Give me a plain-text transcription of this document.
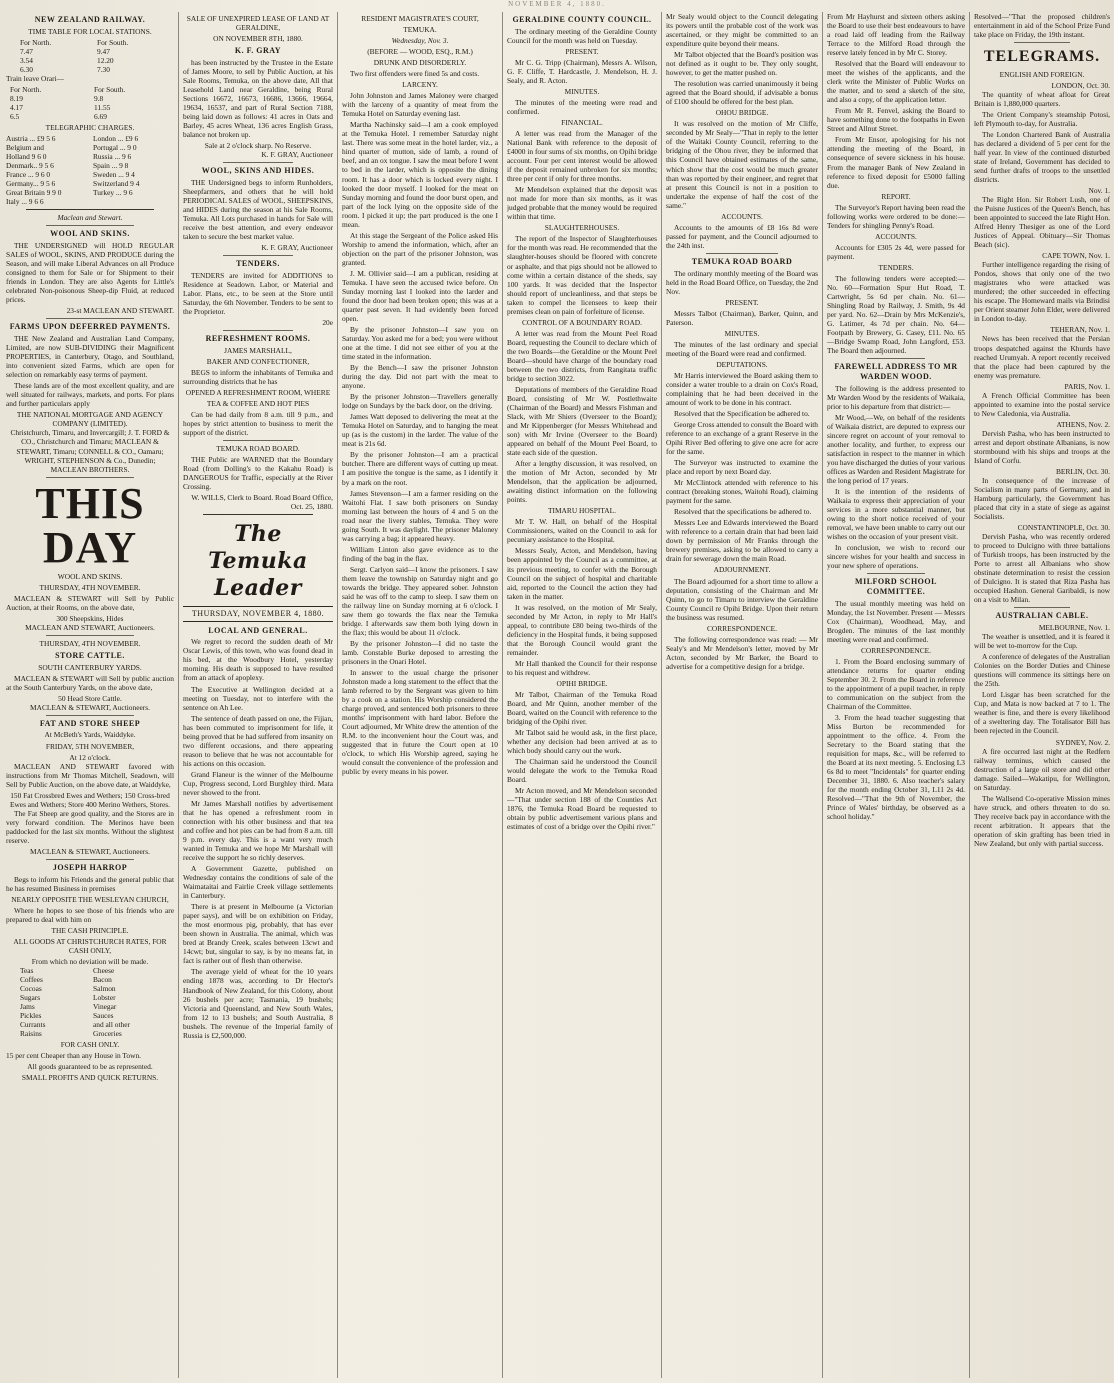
NOVEMBER 4, 1880.
NEW ZEALAND RAILWAY.
TIME TABLE FOR LOCAL STATIONS.
For North.
7.47
3.54
6.30
For South.
9.47
12.20
7.30

Train leave Orari—

For North.
8.19
4.17
6.5
For South.
9.8
11.55
6.69
TELEGRAPHIC CHARGES.
Austria ... £9 5 6
Belgium and
Holland 9 6 0
Denmark.. 9 5 6
France ... 9 6 0
Germany... 9 5 6
Great Britain 9 9 0
Italy ... 9 6 6
London ... £9 6
Portugal ... 9 0
Russia ... 9 6
Spain ... 9 8
Sweden ... 9 4
Switzerland 9 4
Turkey ... 9 6

Maclean and Stewart.
WOOL AND SKINS.

THE UNDERSIGNED will HOLD REGULAR SALES of WOOL, SKINS, AND PRODUCE during the Season, and will make Liberal Advances on all Produce consigned to them for Sale or for Shipment to their friends in London. They are also Agents for Little's celebrated Non-poisonous Sheep-dip Fluid, at reduced prices.

23-st MACLEAN AND STEWART.
FARMS UPON DEFERRED PAYMENTS.

THE New Zealand and Australian Land Company, Limited, are now SUB-DIVIDING their Magnificent PROPERTIES, in Canterbury, Otago, and Southland, into convenient sized Farms, which are open for selection on remarkably easy terms of payment.

These lands are of the most excellent quality, and are well situated for railways, markets, and ports. For plans and further particulars apply

THE NATIONAL MORTGAGE AND AGENCY COMPANY (LIMITED).
Christchurch, Timaru, and Invercargill; J. T. FORD & CO., Christchurch and Timaru; MACLEAN & STEWART, Timaru; CONNELL & CO., Oamaru; WRIGHT, STEPHENSON & Co., Dunedin; MACLEAN BROTHERS.
THIS DAY
WOOL AND SKINS.
THURSDAY, 4TH NOVEMBER.

MACLEAN & STEWART will Sell by Public Auction, at their Rooms, on the above date,

300 Sheepskins, Hides
MACLEAN AND STEWART, Auctioneers.
THURSDAY, 4TH NOVEMBER.
STORE CATTLE.
SOUTH CANTERBURY YARDS.

MACLEAN & STEWART will Sell by public auction at the South Canterbury Yards, on the above date,

50 Head Store Cattle.
MACLEAN & STEWART, Auctioneers.
FAT AND STORE SHEEP
At McBeth's Yards, Waiddyke.
FRIDAY, 5TH NOVEMBER,
At 12 o'clock.

MACLEAN AND STEWART favored with instructions from Mr Thomas Mitchell, Seadown, will Sell by Public Auction, on the above date, at Waiddyke,

150 Fat Crossbred Ewes and Wethers; 150 Cross-bred Ewes and Wethers; Store 400 Merino Wethers, Stores.

The Fat Sheep are good quality, and the Stores are in very forward condition. The Merinos have been paddocked for the last six months. Without the slightest reserve.

MACLEAN & STEWART, Auctioneers.
JOSEPH HARROP

Begs to inform his Friends and the general public that he has resumed Business in premises

NEARLY OPPOSITE THE WESLEYAN CHURCH,

Where he hopes to see those of his friends who are prepared to deal with him on

THE CASH PRINCIPLE.
ALL GOODS AT CHRISTCHURCH RATES, FOR CASH ONLY,
From which no deviation will be made.
Teas
Coffees
Cocoas
Sugars
Jams
Pickles
Currants
Raisins
Cheese
Bacon
Salmon
Lobster
Vinegar
Sauces
and all other
Groceries
FOR CASH ONLY.

15 per cent Cheaper than any House in Town.

All goods guaranteed to be as represented.
SMALL PROFITS AND QUICK RETURNS.
SALE OF UNEXPIRED LEASE OF LAND AT GERALDINE,
ON NOVEMBER 8TH, 1880.
K. F. GRAY

has been instructed by the Trustee in the Estate of James Moore, to sell by Public Auction, at his Sale Rooms, Temuka, on the above date, All that Leasehold Land near Geraldine, being Rural Sections 16672, 16673, 16686, 13666, 19664, 19634, 16537, and part of Rural Section 7188, being laid down as follows: 41 acres in Oats and Barley, 45 acres Wheat, 136 acres English Grass, balance not broken up.

Sale at 2 o'clock sharp. No Reserve.
K. F. GRAY, Auctioneer
WOOL, SKINS AND HIDES.

THE Undersigned begs to inform Runholders, Sheepfarmers, and others that he will hold PERIODICAL SALES of WOOL, SHEEPSKINS, and HIDES during the season at his Sale Rooms, Temuka. All Lots purchased in hands for Sale will receive the best attention, and every endeavor taken to secure the best market value.

K. F. GRAY, Auctioneer
TENDERS.

TENDERS are invited for ADDITIONS to Residence at Seadown. Labor, or Material and Labor. Plans, etc., to be seen at the Store until Saturday, the 6th November. Tenders to be sent to the Proprietor.

20e
REFRESHMENT ROOMS.
JAMES MARSHALL,
BAKER AND CONFECTIONER,

BEGS to inform the inhabitants of Temuka and surrounding districts that he has

OPENED A REFRESHMENT ROOM, WHERE
TEA & COFFEE AND HOT PIES

Can be had daily from 8 a.m. till 9 p.m., and hopes by strict attention to business to merit the support of the district.

TEMUKA ROAD BOARD.

THE Public are WARNED that the Boundary Road (from Dolling's to the Kakahu Road) is DANGEROUS for Traffic, especially at the River Crossing.

W. WILLS, Clerk to Board. Road Board Office, Oct. 25, 1880.
The Temuka Leader
THURSDAY, NOVEMBER 4, 1880.
LOCAL AND GENERAL.

We regret to record the sudden death of Mr Oscar Lewis, of this town, who was found dead in his bed, at the Woodbury Hotel, yesterday morning. His death is supposed to have resulted from an attack of apoplexy.

The Executive at Wellington decided at a meeting on Tuesday, not to interfere with the sentence on Ah Lee.

The sentence of death passed on one, the Fijian, has been commuted to imprisonment for life, it being proved that he had suffered from insanity on two different occasions, and there appearing reason to believe that he was not accountable for his actions on this occasion.

Grand Flaneur is the winner of the Melbourne Cup, Progress second, Lord Burghley third. Mata never showed to the front.

Mr James Marshall notifies by advertisement that he has opened a refreshment room in connection with his other business and that tea and coffee and hot pies can be had from 8 a.m. till 9 p.m. every day. This is a want very much wanted in Temuka and we hope Mr Marshall will receive the support he so richly deserves.

A Government Gazette, published on Wednesday contains the conditions of sale of the Waimataitai and Fairlie Creek village settlements in Canterbury.

There is at present in Melbourne (a Victorian paper says), and will be on exhibition on Friday, the most enormous pig, probably, that has ever been shown in Australia. The animal, which was bred at Brandy Creek, scales between 13cwt and 14cwt; but, singular to say, is by no means fat, in fact is rather out of flesh than otherwise.

The average yield of wheat for the 10 years ending 1878 was, according to Dr Hector's Handbook of New Zealand, for this Colony, about 26 bushels per acre; Tasmania, 19 bushels; Victoria and Queensland, and New South Wales, from 12 to 13 bushels; and South Australia, 8 bushels. The revenue of the Imperial family of Russia is £2,500,000.

RESIDENT MAGISTRATE'S COURT,
TEMUKA.
Wednesday, Nov. 3.
(BEFORE — WOOD, ESQ., R.M.)
DRUNK AND DISORDERLY.

Two first offenders were fined 5s and costs.

LARCENY.

John Johnston and James Maloney were charged with the larceny of a quantity of meat from the Temuka Hotel on Saturday evening last.

Martha Nachinsky said—I am a cook employed at the Temuka Hotel. I remember Saturday night last. There was some meat in the hotel larder, viz., a hind quarter of mutton, side of lamb, a round of beef, and an ox tongue. I saw the meat before I went to bed in the larder, which is opposite the dining room. It has a door which is locked every night. I looked the door myself. I looked for the meat on Sunday morning and found the door burst open, and part of the lock lying on the opposite side of the room. I picked it up; the part produced is the one I mean.

At this stage the Sergeant of the Police asked His Worship to amend the information, which, after an objection on the part of the prisoner Johnston, was granted.

J. M. Ollivier said—I am a publican, residing at Temuka. I have seen the accused twice before. On Sunday morning last I looked into the larder and found the door had been broken open; this was at a quarter past seven. It had evidently been forced open.

By the prisoner Johnston—I saw you on Saturday. You asked me for a bed; you were without one at the time. I did not see either of you at the time stated in the information.

By the Bench—I saw the prisoner Johnston during the day. Did not part with the meat to anyone.

By the prisoner Johnston—Travellers generally lodge on Sundays by the back door, on the driving.

James Watt deposed to delivering the meat at the Temuka Hotel on Saturday, and to hanging the meat up (as is the custom) in the larder. The value of the meat is 21s 6d.

By the prisoner Johnston—I am a practical butcher. There are different ways of cutting up meat. I am positive the tongue is the same, as I identify it by a mark on the root.

James Stevenson—I am a farmer residing on the Waitohi Flat. I saw both prisoners on Sunday morning last between the hours of 4 and 5 on the road near the livery stables, Temuka. They were going South. It was daylight. The prisoner Maloney was carrying a bag; it appeared heavy.

William Linton also gave evidence as to the finding of the bag in the flax.

Sergt. Carlyon said—I know the prisoners. I saw them leave the township on Saturday night and go towards the bridge. They appeared sober. Johnston said he was off to the camp to sleep. I saw them on the railway line on Sunday morning at 6 o'clock. I saw them go towards the flax near the Temuka bridge. I afterwards saw them both lying down in the flax; this would be about 11 o'clock.

By the prisoner Johnston—I did no taste the lamb. Constable Burke deposed to arresting the prisoners in the Onari Hotel.

In answer to the usual charge the prisoner Johnston made a long statement to the effect that the lamb referred to by the Sergeant was given to him by a cook on a station. His Worship considered the charge proved, and sentenced both prisoners to three months' imprisonment with hard labor. Before the Court adjourned, Mr White drew the attention of the R.M. to the inconvenient hour the Court was, and suggested that in future the Court open at 10 o'clock, to which His Worship agreed, saying he would consult the convenience of the profession and public by every means in his power.

GERALDINE COUNTY COUNCIL.

The ordinary meeting of the Geraldine County Council for the month was held on Tuesday.

PRESENT.

Mr C. G. Tripp (Chairman), Messrs A. Wilson, G. F. Cliffe, T. Hardcastle, J. Mendelson, H. J. Sealy, and R. Acton.

MINUTES.

The minutes of the meeting were read and confirmed.

FINANCIAL.

A letter was read from the Manager of the National Bank with reference to the deposit of £4000 in four sums of six months, on Opihi bridge account. Four per cent interest would be allowed if the deposit remained unbroken for six months; three per cent if only for three months.

Mr Mendelson explained that the deposit was not made for more than six months, as it was judged probable that the money would be required within that time.

SLAUGHTERHOUSES.

The report of the Inspector of Slaughterhouses for the month was read. He recommended that the slaughter-houses should be floored with concrete or asphalte, and that pigs should not be allowed to come within a certain distance of the sheds, say 100 yards. It was decided that the Inspector should report of uncleanliness, and that steps be taken to compel the licensees to keep their premises clean on pain of forfeiture of license.

CONTROL OF A BOUNDARY ROAD.

A letter was read from the Mount Peel Road Board, requesting the Council to declare which of the two Boards—the Geraldine or the Mount Peel Board—should have charge of the boundary road between the two districts, from Rangitata traffic bridge to section 3022.

Deputations of members of the Geraldine Road Board, consisting of Mr W. Postlethwaite (Chairman of the Board) and Messrs Fishman and Slack, with Mr Shiers (Overseer to the Board); and Mr Kippenberger (for Messrs Whitehead and son) with Mr Irvine (Overseer to the Board) appeared on behalf of the Mount Peel Board, to state each side of the question.

After a lengthy discussion, it was resolved, on the motion of Mr Acton, seconded by Mr Mendelson, that the application be adjourned, awaiting distinct information on the following points.

TIMARU HOSPITAL.

Mr T. W. Hall, on behalf of the Hospital Commissioners, waited on the Council to ask for pecuniary assistance to the Hospital.

Messrs Sealy, Acton, and Mendelson, having been appointed by the Council as a committee, at its previous meeting, to confer with the Borough Council on the subject of hospital and charitable aid, reported to the Council the action they had taken in the matter.

It was resolved, on the motion of Mr Sealy, seconded by Mr Acton, in reply to Mr Hall's appeal, to contribute £80 being two-thirds of the deficiency in the Hospital funds, it being supposed that the Borough Council would grant the remainder.

Mr Hall thanked the Council for their response to his request and withdrew.

OPIHI BRIDGE.

Mr Talbot, Chairman of the Temuka Road Board, and Mr Quinn, another member of the Board, waited on the Council with reference to the bridging of the Opihi river.

Mr Talbot said he would ask, in the first place, whether any decision had been arrived at as to which body should carry out the work.

The Chairman said he understood the Council would delegate the work to the Temuka Road Board.

Mr Acton moved, and Mr Mendelson seconded—"That under section 188 of the Counties Act 1876, the Temuka Road Board be requested to obtain by public advertisement various plans and estimates of cost of a bridge over the Opihi river."

Mr Sealy would object to the Council delegating its powers until the probable cost of the work was ascertained, or they might be committed to an expenditure quite beyond their means.

Mr Talbot objected that the Board's position was not defined as it ought to be. They only sought, however, to get the matter pushed on.

The resolution was carried unanimously it being agreed that the Board should, if advisable a bonus of £100 should be offered for the best plan.

OHOU BRIDGE.

It was resolved on the motion of Mr Cliffe, seconded by Mr Sealy—"That in reply to the letter of the Waitaki County Council, referring to the bridging of the Ohou river, they be informed that this Council have obtained estimates of the same, which show that the cost would be much greater than was reported by their engineer, and regret that at present this Council is not in a position to undertake the expense of half the cost of the same."

ACCOUNTS.

Accounts to the amounts of £8 16s 8d were passed for payment, and the Council adjourned to the 24th inst.

TEMUKA ROAD BOARD

The ordinary monthly meeting of the Board was held in the Road Board Office, on Tuesday, the 2nd Nov.

PRESENT.

Messrs Talbot (Chairman), Barker, Quinn, and Paterson.

MINUTES.

The minutes of the last ordinary and special meeting of the Board were read and confirmed.

DEPUTATIONS.

Mr Harris interviewed the Board asking them to consider a water trouble to a drain on Cox's Road, complaining that he had been deceived in the amount of work to be done in his contract.

Resolved that the Specification be adhered to.

George Cross attended to consult the Board with reference to an exchange of a grant Reserve in the Opihi River Bed offering to give one acre for acre for the same.

The Surveyor was instructed to examine the place and report by next Board day.

Mr McClintock attended with reference to his contract (breaking stones, Waitohi Road), claiming payment for the same.

Resolved that the specifications be adhered to.

Messrs Lee and Edwards interviewed the Board with reference to a certain drain that had been laid down by permission of Mr Franks through the brewery premises, asking to be allowed to carry a drain for sewerage down the main Road.

ADJOURNMENT.

The Board adjourned for a short time to allow a deputation, consisting of the Chairman and Mr Quinn, to go to Timaru to interview the Geraldine County Council re Opihi Bridge. Upon their return the business was resumed.

CORRESPONDENCE.

The following correspondence was read: — Mr Sealy's and Mr Mendelson's letter, moved by Mr Acton, seconded by Mr Barker, the Board to advertise for a competitive design for a bridge.

From Mr Hayhurst and sixteen others asking the Board to use their best endeavours to have a road laid off leading from the Railway Terrace to the Milford Road through the reserve lately fenced in by Mr C. Storey.

Resolved that the Board will endeavour to meet the wishes of the applicants, and the clerk write the Minister of Public Works on the matter, and to send a sketch of the site, and also a copy, of the application letter.

From Mr R. Fenvel, asking the Board to have something done to the footpaths in Ewen Street and Allnut Street.

From Mr Ensor, apologising for his not attending the meeting of the Board, in consequence of severe sickness in his house. From the manager Bank of New Zealand in reference to fixed deposit for £5000 falling due.

REPORT.

The Surveyor's Report having been read the following works were ordered to be done:— Tenders for shingling Penny's Road.

ACCOUNTS.

Accounts for £305 2s 4d, were passed for payment.

TENDERS.

The following tenders were accepted:— No. 60—Formation Spur Hut Road, T. Cartwright, 5s 6d per chain. No. 61—Shingling Road by Railway, J. Smith, 9s 4d per yard. No. 62—Drain by Mrs McKenzie's, G. Latimer, 4s 7d per chain. No. 64—Footpath by Brewery, G. Casey, £11. No. 65—Bridge Swamp Road, John Langford, £53. The Board then adjourned.

FAREWELL ADDRESS TO MR WARDEN WOOD.

The following is the address presented to Mr Warden Wood by the residents of Waikaia, prior to his departure from that district:—

Mr Wood,—We, on behalf of the residents of Waikaia district, are deputed to express our sincere regret on account of your removal to another locality, and further, to express our satisfaction in respect to the manner in which you have discharged the duties of your various offices as Warden and Resident Magistrate for the long period of 17 years.

It is the intention of the residents of Waikaia to express their appreciation of your services in a more substantial manner, but owing to the short notice received of your removal, we have been unable to carry out our wishes on the occasion of your present visit.

In conclusion, we wish to record our sincere wishes for your health and success in your new sphere of operations.

MILFORD SCHOOL COMMITTEE.

The usual monthly meeting was held on Monday, the 1st November. Present — Messrs Cox (Chairman), Woodhead, May, and Brogden. The minutes of the last monthly meeting were read and confirmed.

CORRESPONDENCE.

1. From the Board enclosing summary of attendance returns for quarter ending September 30. 2. From the Board in reference to the appointment of a pupil teacher, in reply to communication on the subject from the Chairman of the Committee.

3. From the head teacher suggesting that Miss Burton be recommended for appointment to the office. 4. From the Secretary to the Board stating that the requisition for maps, &c., will be referred to the Board at its next meeting. 5. Enclosing L3 6s 8d to meet "Incidentals" for quarter ending December 31, 1880. 6. Also teacher's salary for the month ending October 31, L11 2s 4d. Resolved—"That the 9th of November, the Prince of Wales' birthday, be observed as a school holiday."

Resolved—"That the proposed children's entertainment in aid of the School Prize Fund take place on Friday, the 19th instant.

TELEGRAMS.
ENGLISH AND FOREIGN.
LONDON, Oct. 30.

The quantity of wheat afloat for Great Britain is 1,880,000 quarters.

The Orient Company's steamship Potosi, left Plymouth to-day, for Australia.

The London Chartered Bank of Australia has declared a dividend of 5 per cent for the half year. In view of the continued disturbed state of Ireland, Government has decided to send further drafts of troops to the unsettled districts.

Nov. 1.

The Right Hon. Sir Robert Lush, one of the Puisne Justices of the Queen's Bench, has been appointed to succeed the late Right Hon. Alfred Henry Thesiger as one of the Lord Justices of Appeal. Obituary—Sir Thomas Beach (sic).

CAPE TOWN, Nov. 1.

Further intelligence regarding the rising of Pondos, shows that only one of the two magistrates who were attacked was murdered; the other succeeded in effecting his escape. The Homeward mails via Brindisi per Orient steamer John Elder, were delivered in London to-day.

TEHERAN, Nov. 1.

News has been received that the Persian troops despatched against the Khurds have reached Urumyah. A report recently received that the place had been captured by the enemy was premature.

PARIS, Nov. 1.

A French Official Committee has been appointed to examine into the postal service to New Caledonia, via Australia.

ATHENS, Nov. 2.

Dervish Pasha, who has been instructed to arrest and deport obstinate Albanians, is now stormbound with his ships and troops at the Island of Corfu.

BERLIN, Oct. 30.

In consequence of the increase of Socialism in many parts of Germany, and in Hamburg particularly, the Government has placed that city in a state of siege as against Socialists.

CONSTANTINOPLE, Oct. 30.

Dervish Pasha, who was recently ordered to proceed to Dulcigno with three battalions of Turkish troops, has been instructed by the Porte to arrest all Albanians who show obstinate determination to resist the cession of Dulcigno. It is stated that Riza Pasha has occupied Hashon. General Garibaldi, is now on a visit to Milan.

AUSTRALIAN CABLE.
MELBOURNE, Nov. 1.

The weather is unsettled, and it is feared it will be wet to-morrow for the Cup.

A conference of delegates of the Australian Colonies on the Border Duties and Chinese questions will commence its sittings here on the 25th.

Lord Lisgar has been scratched for the Cup, and Mata is now backed at 7 to 1. The weather is fine, and there is every likelihood of a sweltering day. The Totalisator Bill has been rejected in the Council.

SYDNEY, Nov. 2.

A fire occurred last night at the Redfern railway terminus, which caused the destruction of a large oil store and did other damage. Sailed—Wakatipu, for Wellington, on Saturday.

The Wallsend Co-operative Mission mines have struck, and others threaten to do so. They receive back pay in accordance with the recent arbitration. It appears that the operation of skin grafting has been tried in New Zealand, but only with partial success.
